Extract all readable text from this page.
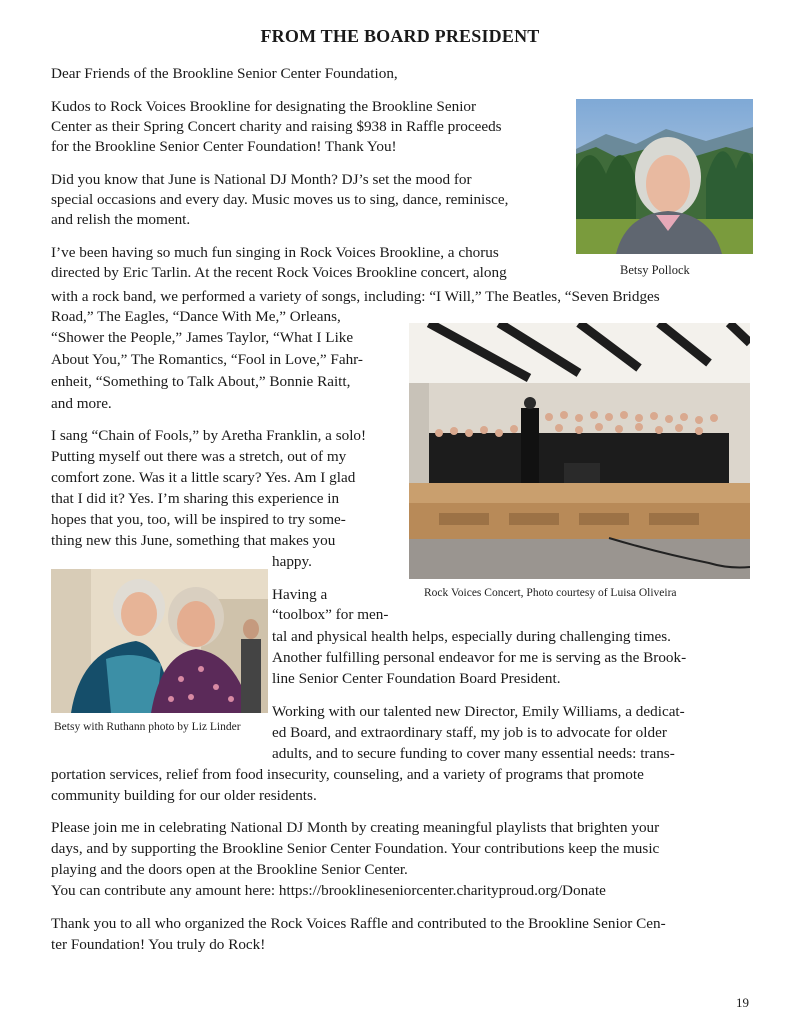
FROM THE BOARD PRESIDENT
Dear Friends of the Brookline Senior Center Foundation,
Kudos to Rock Voices Brookline for designating the Brookline Senior
Center as their Spring Concert charity and raising $938 in Raffle proceeds
for the Brookline Senior Center Foundation! Thank You!
Did you know that June is National DJ Month? DJ’s set the mood for
special occasions and every day. Music moves us to sing, dance, reminisce,
and relish the moment.
I’ve been having so much fun singing in Rock Voices Brookline, a chorus
directed by Eric Tarlin. At the recent Rock Voices Brookline concert, along
with a rock band, we performed a variety of songs, including: “I Will,” The Beatles, “Seven Bridges
Road,” The Eagles, “Dance With Me,” Orleans,
“Shower the People,” James Taylor, “What I Like
About You,” The Romantics, “Fool in Love,” Fahr-
enheit, “Something to Talk About,” Bonnie Raitt,
and more.
I sang “Chain of Fools,” by Aretha Franklin, a solo!
Putting myself out there was a stretch, out of my
comfort zone. Was it a little scary? Yes. Am I glad
that I did it? Yes. I’m sharing this experience in
hopes that you, too, will be inspired to try some-
thing new this June, something that makes you
happy.
Having a
“toolbox” for men-
tal and physical health helps, especially during challenging times.
Another fulfilling personal endeavor for me is serving as the Brook-
line Senior Center Foundation Board President.
Working with our talented new Director, Emily Williams, a dedicat-
ed Board, and extraordinary staff, my job is to advocate for older
adults, and to secure funding to cover many essential needs: trans-
portation services, relief from food insecurity, counseling, and a variety of programs that promote
community building for our older residents.
Please join me in celebrating National DJ Month by creating meaningful playlists that brighten your
days, and by supporting the Brookline Senior Center Foundation. Your contributions keep the music
playing and the doors open at the Brookline Senior Center.
You can contribute any amount here: https://brooklineseniorcenter.charityproud.org/Donate
Thank you to all who organized the Rock Voices Raffle and contributed to the Brookline Senior Cen-
ter Foundation! You truly do Rock!
Betsy Pollock
Rock Voices Concert, Photo courtesy of Luisa Oliveira
Betsy with Ruthann photo by Liz Linder
19
